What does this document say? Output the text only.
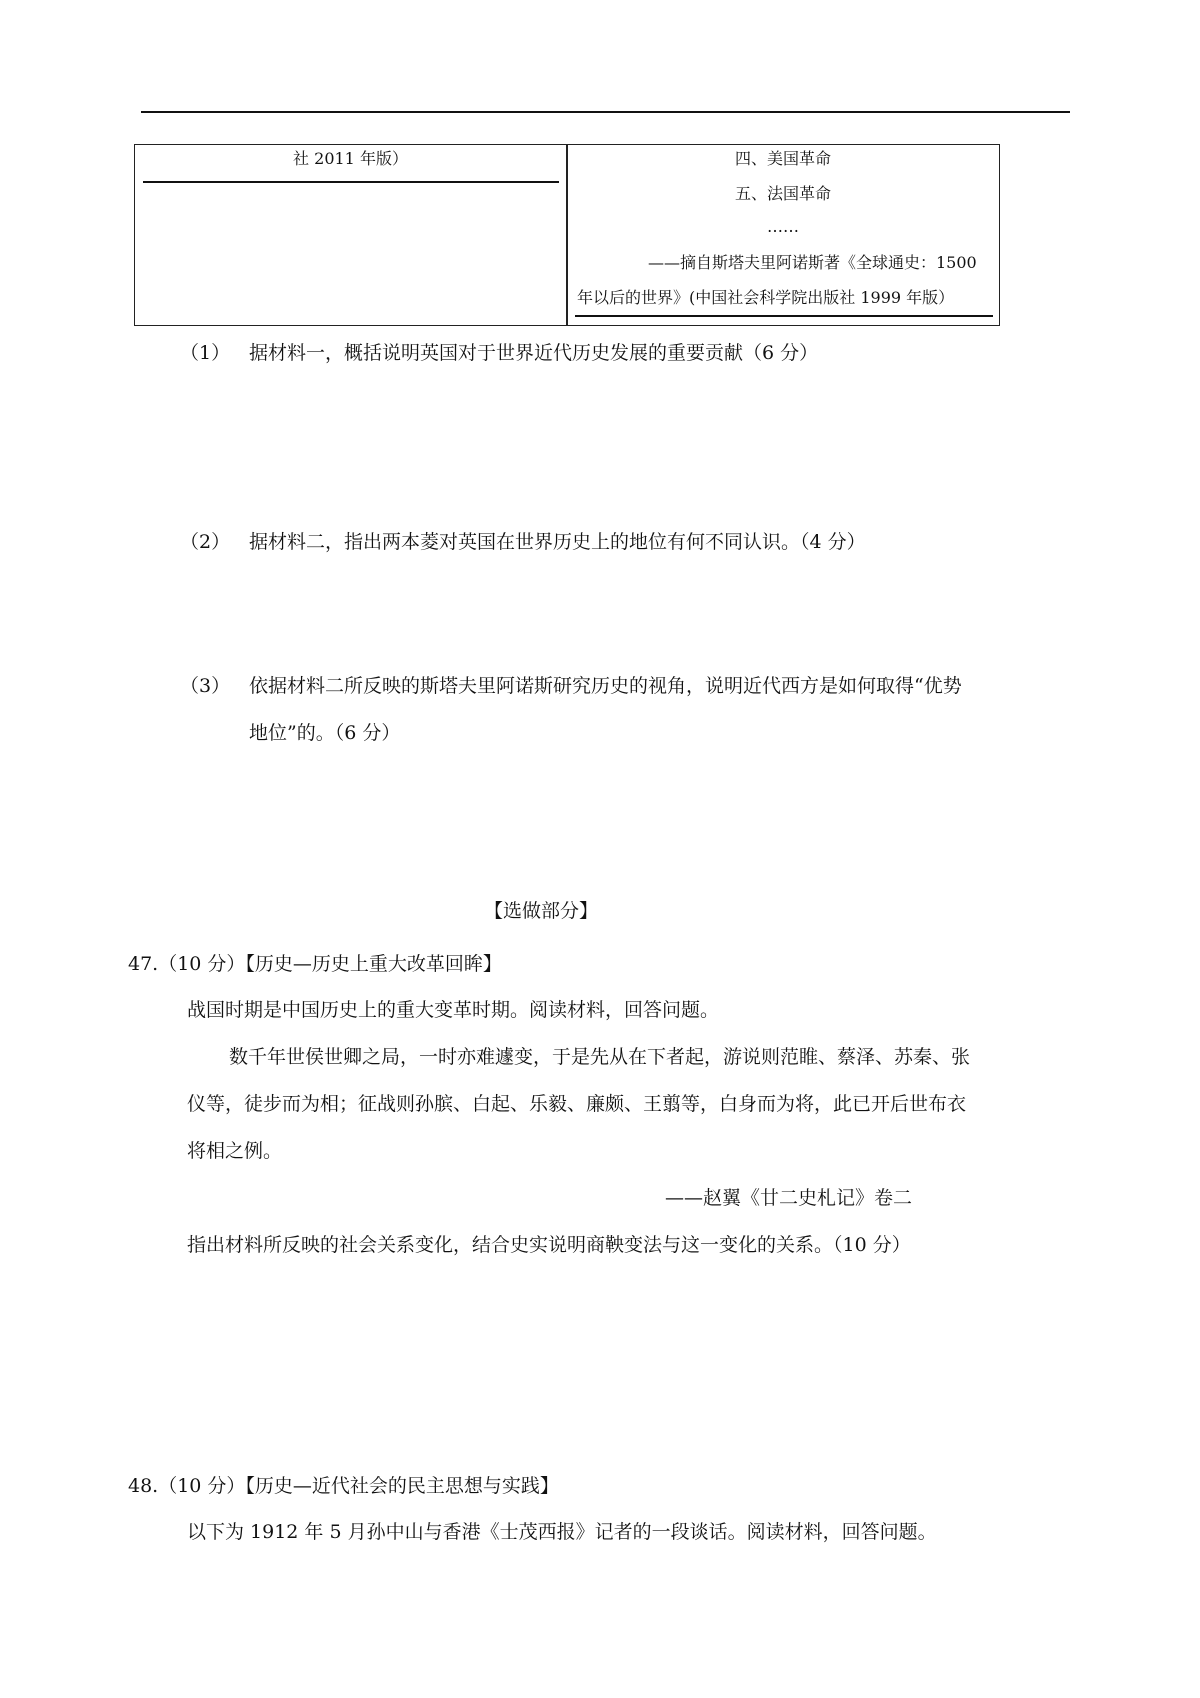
社 2011 年版）	四、美国革命
五、法国革命
……
——摘自斯塔夫里阿诺斯著《全球通史：1500
年以后的世界》(中国社会科学院出版社 1999 年版）
（1） 据材料一，概括说明英国对于世界近代历史发展的重要贡献（6 分）
（2） 据材料二，指出两本菱对英国在世界历史上的地位有何不同认识。（4 分）
（3） 依据材料二所反映的斯塔夫里阿诺斯研究历史的视角，说明近代西方是如何取得“优势
地位”的。（6 分）
【选做部分】
47.（10 分）【历史—历史上重大改革回眸】
战国时期是中国历史上的重大变革时期。阅读材料，回答问题。
数千年世侯世卿之局，一时亦难遽变，于是先从在下者起，游说则范睢、蔡泽、苏秦、张
仪等，徒步而为相；征战则孙膑、白起、乐毅、廉颇、王翦等，白身而为将，此已开后世布衣
将相之例。
——赵翼《廿二史札记》卷二
指出材料所反映的社会关系变化，结合史实说明商鞅变法与这一变化的关系。（10 分）
48.（10 分）【历史—近代社会的民主思想与实践】
以下为 1912 年 5 月孙中山与香港《士茂西报》记者的一段谈话。阅读材料，回答问题。
